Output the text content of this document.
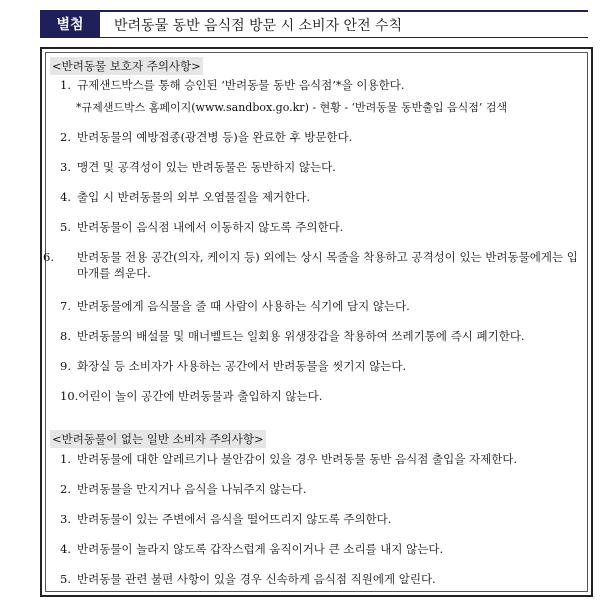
별첨	반려동물 동반 음식점 방문 시 소비자 안전 수칙
<반려동물 보호자 주의사항>
1. 규제샌드박스를 통해 승인된 ‘반려동물 동반 음식점’*을 이용한다.
*규제샌드박스 홈페이지(www.sandbox.go.kr) - 현황 - ‘반려동물 동반출입 음식점’ 검색
2. 반려동물의 예방접종(광견병 등)을 완료한 후 방문한다.
3. 맹견 및 공격성이 있는 반려동물은 동반하지 않는다.
4. 출입 시 반려동물의 외부 오염물질을 제거한다.
5. 반려동물이 음식점 내에서 이동하지 않도록 주의한다.
6. 반려동물 전용 공간(의자, 케이지 등) 외에는 상시 목줄을 착용하고 공격성이 있는 반려동물에게는 입마개를 씌운다.
7. 반려동물에게 음식물을 줄 때 사람이 사용하는 식기에 담지 않는다.
8. 반려동물의 배설물 및 매너벨트는 일회용 위생장갑을 착용하여 쓰레기통에 즉시 폐기한다.
9. 화장실 등 소비자가 사용하는 공간에서 반려동물을 씻기지 않는다.
10.어린이 놀이 공간에 반려동물과 출입하지 않는다.
<반려동물이 없는 일반 소비자 주의사항>
1. 반려동물에 대한 알레르기나 불안감이 있을 경우 반려동물 동반 음식점 출입을 자제한다.
2. 반려동물을 만지거나 음식을 나눠주지 않는다.
3. 반려동물이 있는 주변에서 음식을 떨어뜨리지 않도록 주의한다.
4. 반려동물이 놀라지 않도록 갑작스럽게 움직이거나 큰 소리를 내지 않는다.
5. 반려동물 관련 불편 사항이 있을 경우 신속하게 음식점 직원에게 알린다.
